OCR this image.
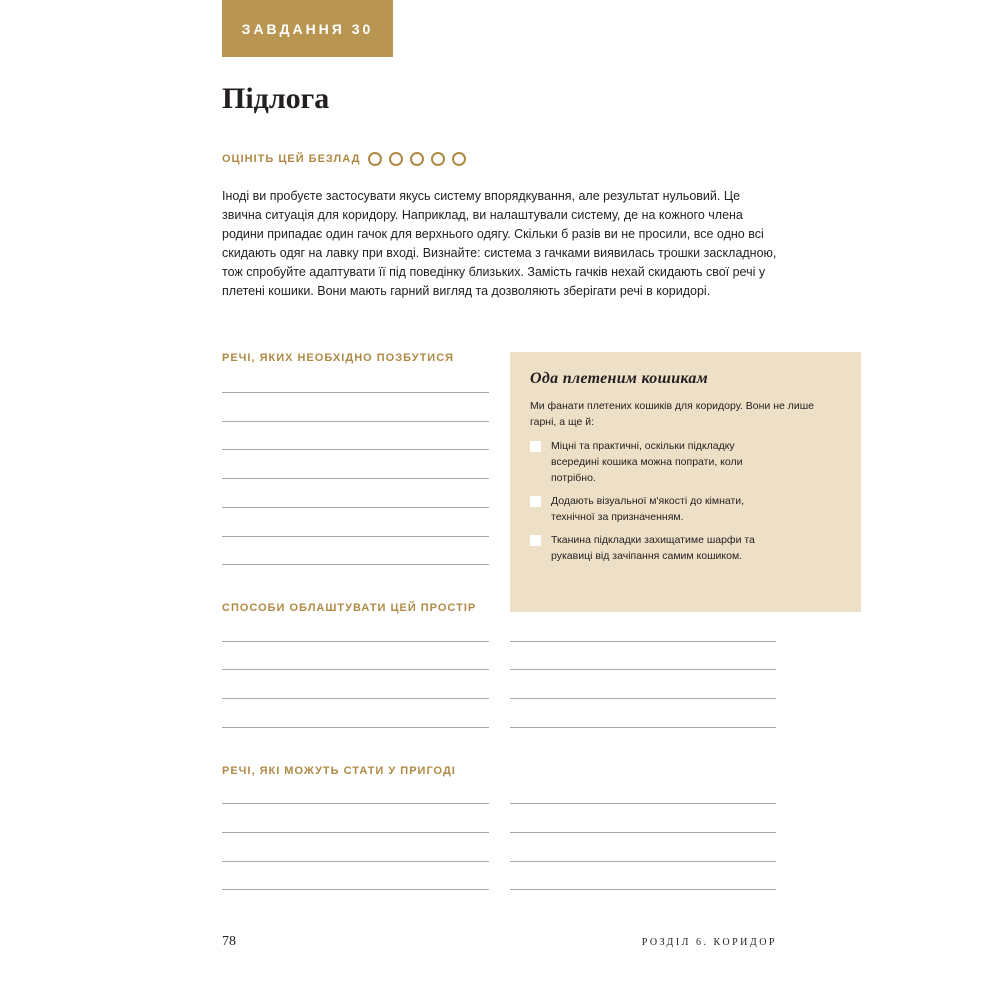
ЗАВДАННЯ 30
Підлога
ОЦІНІТЬ ЦЕЙ БЕЗЛАД

Іноді ви пробуєте застосувати якусь систему впорядкування, але результат нульовий. Це звична ситуація для коридору. Наприклад, ви налаштували систему, де на кожного члена родини припадає один гачок для верхнього одягу. Скільки б разів ви не просили, все одно всі скидають одяг на лавку при вході. Визнайте: система з гачками виявилась трошки заскладною, тож спробуйте адаптувати її під поведінку близьких. Замість гачків нехай скидають свої речі у плетені кошики. Вони мають гарний вигляд та дозволяють зберігати речі в коридорі.

РЕЧІ, ЯКИХ НЕОБХІДНО ПОЗБУТИСЯ
Ода плетеним кошикам

Ми фанати плетених кошиків для коридору. Вони не лише гарні, а ще й:

Міцні та практичні, оскільки підкладку всередині кошика можна попрати, коли потрібно.
Додають візуальної м'якості до кімнати, технічної за призначенням.
Тканина підкладки захищатиме шарфи та рукавиці від зачіпання самим кошиком.
СПОСОБИ ОБЛАШТУВАТИ ЦЕЙ ПРОСТІР
РЕЧІ, ЯКІ МОЖУТЬ СТАТИ У ПРИГОДІ
78	РОЗДІЛ 6. КОРИДОР
